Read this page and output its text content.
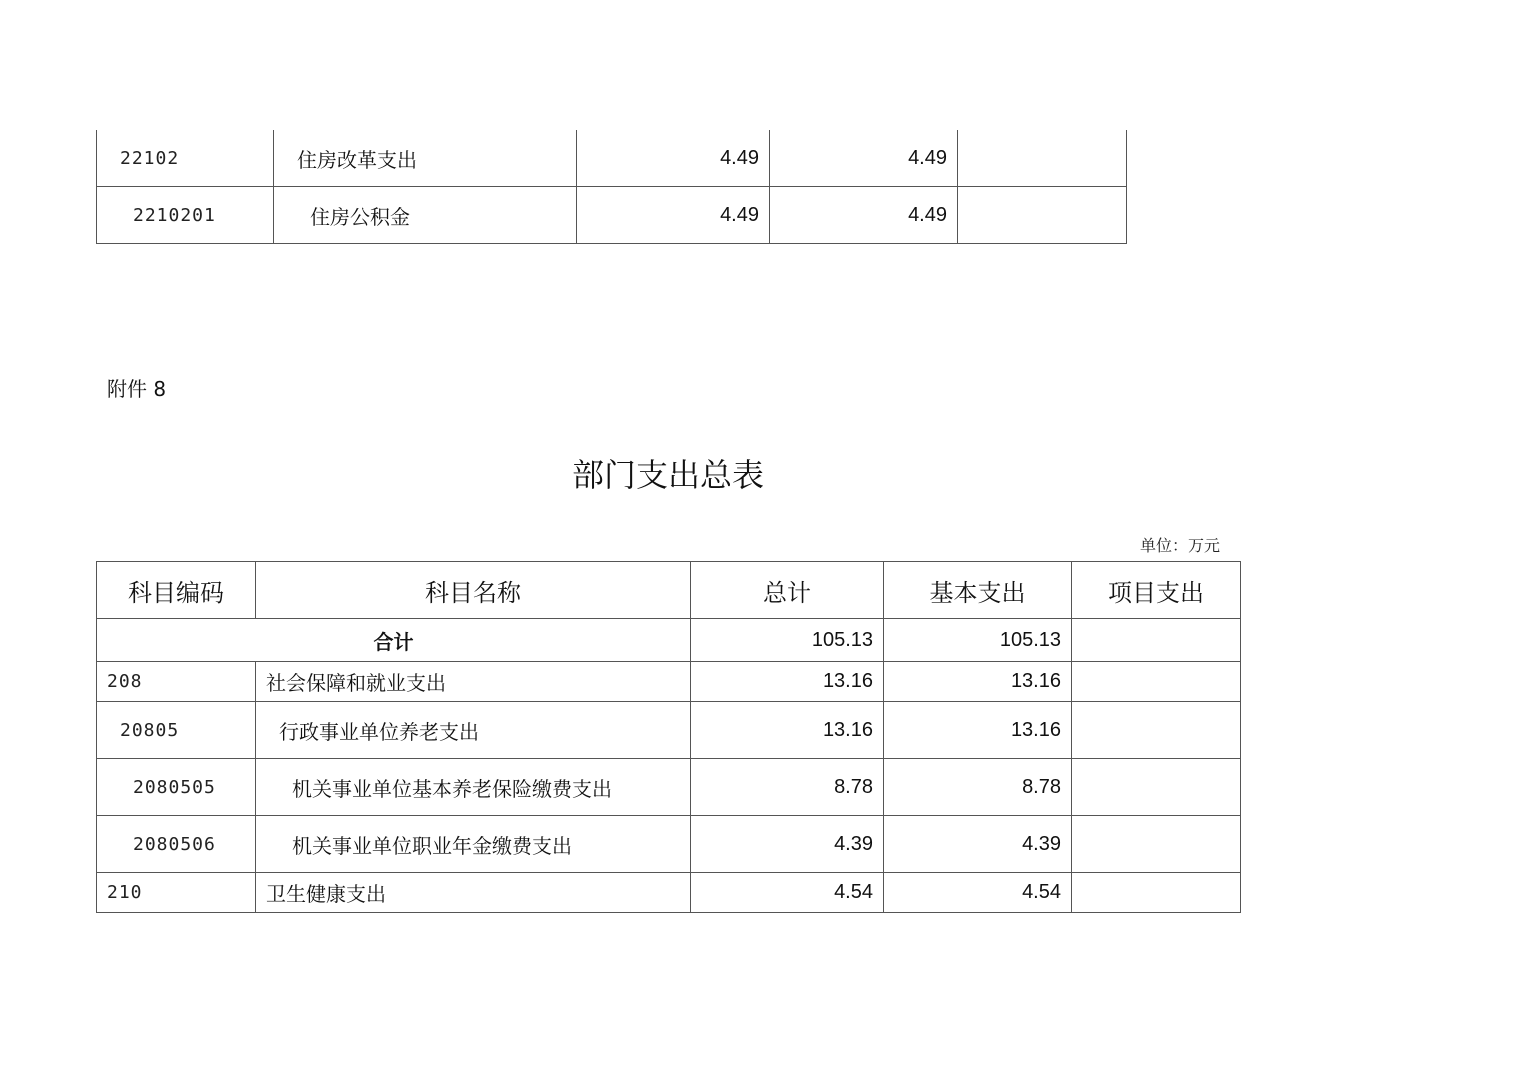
22102	住房改革支出	4.49	4.49	
2210201	住房公积金	4.49	4.49	
附件 8
部门支出总表
单位：万元
科目编码	科目名称	总计	基本支出	项目支出
合计		105.13	105.13	
208	社会保障和就业支出	13.16	13.16	
20805	行政事业单位养老支出	13.16	13.16	
2080505	机关事业单位基本养老保险缴费支出	8.78	8.78	
2080506	机关事业单位职业年金缴费支出	4.39	4.39	
210	卫生健康支出	4.54	4.54	
